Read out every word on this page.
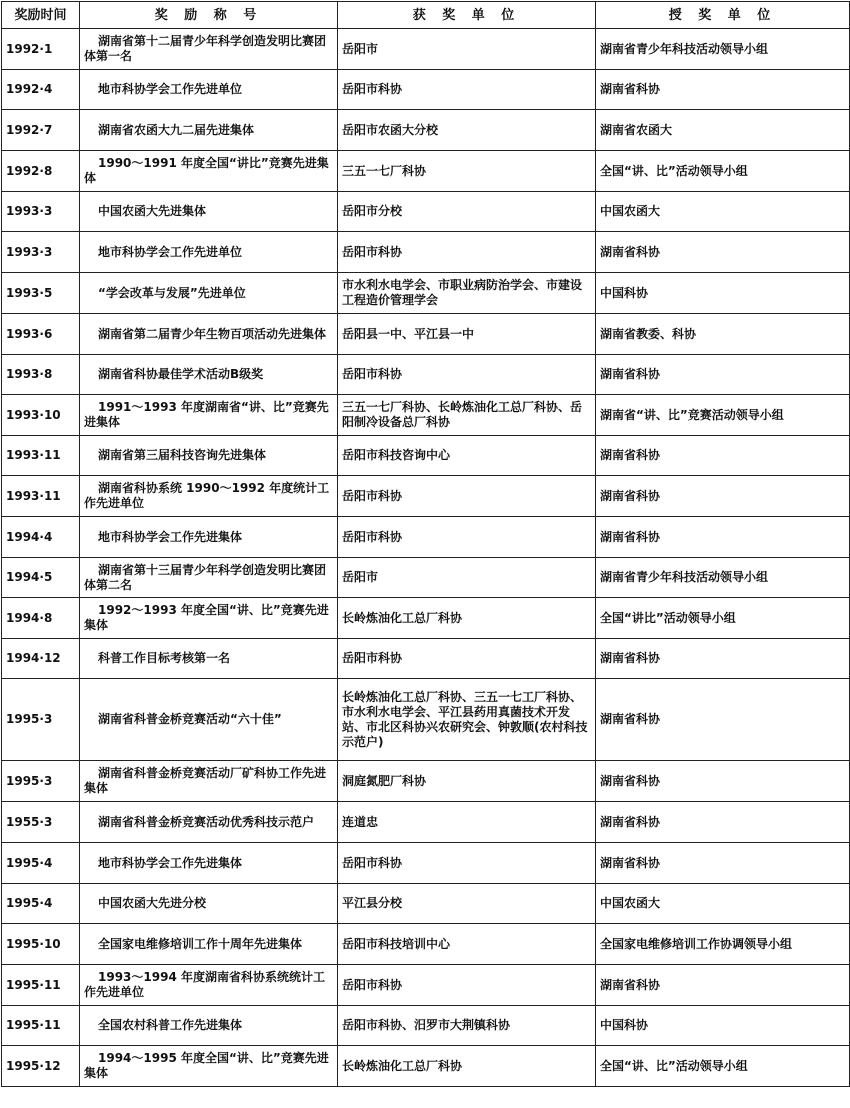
奖励时间	奖 励 称 号	获 奖 单 位	授 奖 单 位
1992·1	湖南省第十二届青少年科学创造发明比赛团体第一名	岳阳市	湖南省青少年科技活动领导小组
1992·4	地市科协学会工作先进单位	岳阳市科协	湖南省科协
1992·7	湖南省农函大九二届先进集体	岳阳市农函大分校	湖南省农函大
1992·8	1990～1991 年度全国“讲比”竞赛先进集体	三五一七厂科协	全国“讲、比”活动领导小组
1993·3	中国农函大先进集体	岳阳市分校	中国农函大
1993·3	地市科协学会工作先进单位	岳阳市科协	湖南省科协
1993·5	“学会改革与发展”先进单位	市水利水电学会、市职业病防治学会、市建设工程造价管理学会	中国科协
1993·6	湖南省第二届青少年生物百项活动先进集体	岳阳县一中、平江县一中	湖南省教委、科协
1993·8	湖南省科协最佳学术活动B级奖	岳阳市科协	湖南省科协
1993·10	1991～1993 年度湖南省“讲、比”竞赛先进集体	三五一七厂科协、长岭炼油化工总厂科协、岳阳制冷设备总厂科协	湖南省“讲、比”竞赛活动领导小组
1993·11	湖南省第三届科技咨询先进集体	岳阳市科技咨询中心	湖南省科协
1993·11	湖南省科协系统 1990～1992 年度统计工作先进单位	岳阳市科协	湖南省科协
1994·4	地市科协学会工作先进集体	岳阳市科协	湖南省科协
1994·5	湖南省第十三届青少年科学创造发明比赛团体第二名	岳阳市	湖南省青少年科技活动领导小组
1994·8	1992～1993 年度全国“讲、比”竞赛先进集体	长岭炼油化工总厂科协	全国“讲比”活动领导小组
1994·12	科普工作目标考核第一名	岳阳市科协	湖南省科协
1995·3	湖南省科普金桥竞赛活动“六十佳”	长岭炼油化工总厂科协、三五一七工厂科协、市水利水电学会、平江县药用真菌技术开发站、市北区科协兴农研究会、钟敦顺(农村科技示范户)	湖南省科协
1995·3	湖南省科普金桥竞赛活动厂矿科协工作先进集体	洞庭氮肥厂科协	湖南省科协
1955·3	湖南省科普金桥竞赛活动优秀科技示范户	连道忠	湖南省科协
1995·4	地市科协学会工作先进集体	岳阳市科协	湖南省科协
1995·4	中国农函大先进分校	平江县分校	中国农函大
1995·10	全国家电维修培训工作十周年先进集体	岳阳市科技培训中心	全国家电维修培训工作协调领导小组
1995·11	1993～1994 年度湖南省科协系统统计工作先进单位	岳阳市科协	湖南省科协
1995·11	全国农村科普工作先进集体	岳阳市科协、汨罗市大荆镇科协	中国科协
1995·12	1994～1995 年度全国“讲、比”竞赛先进集体	长岭炼油化工总厂科协	全国“讲、比”活动领导小组
